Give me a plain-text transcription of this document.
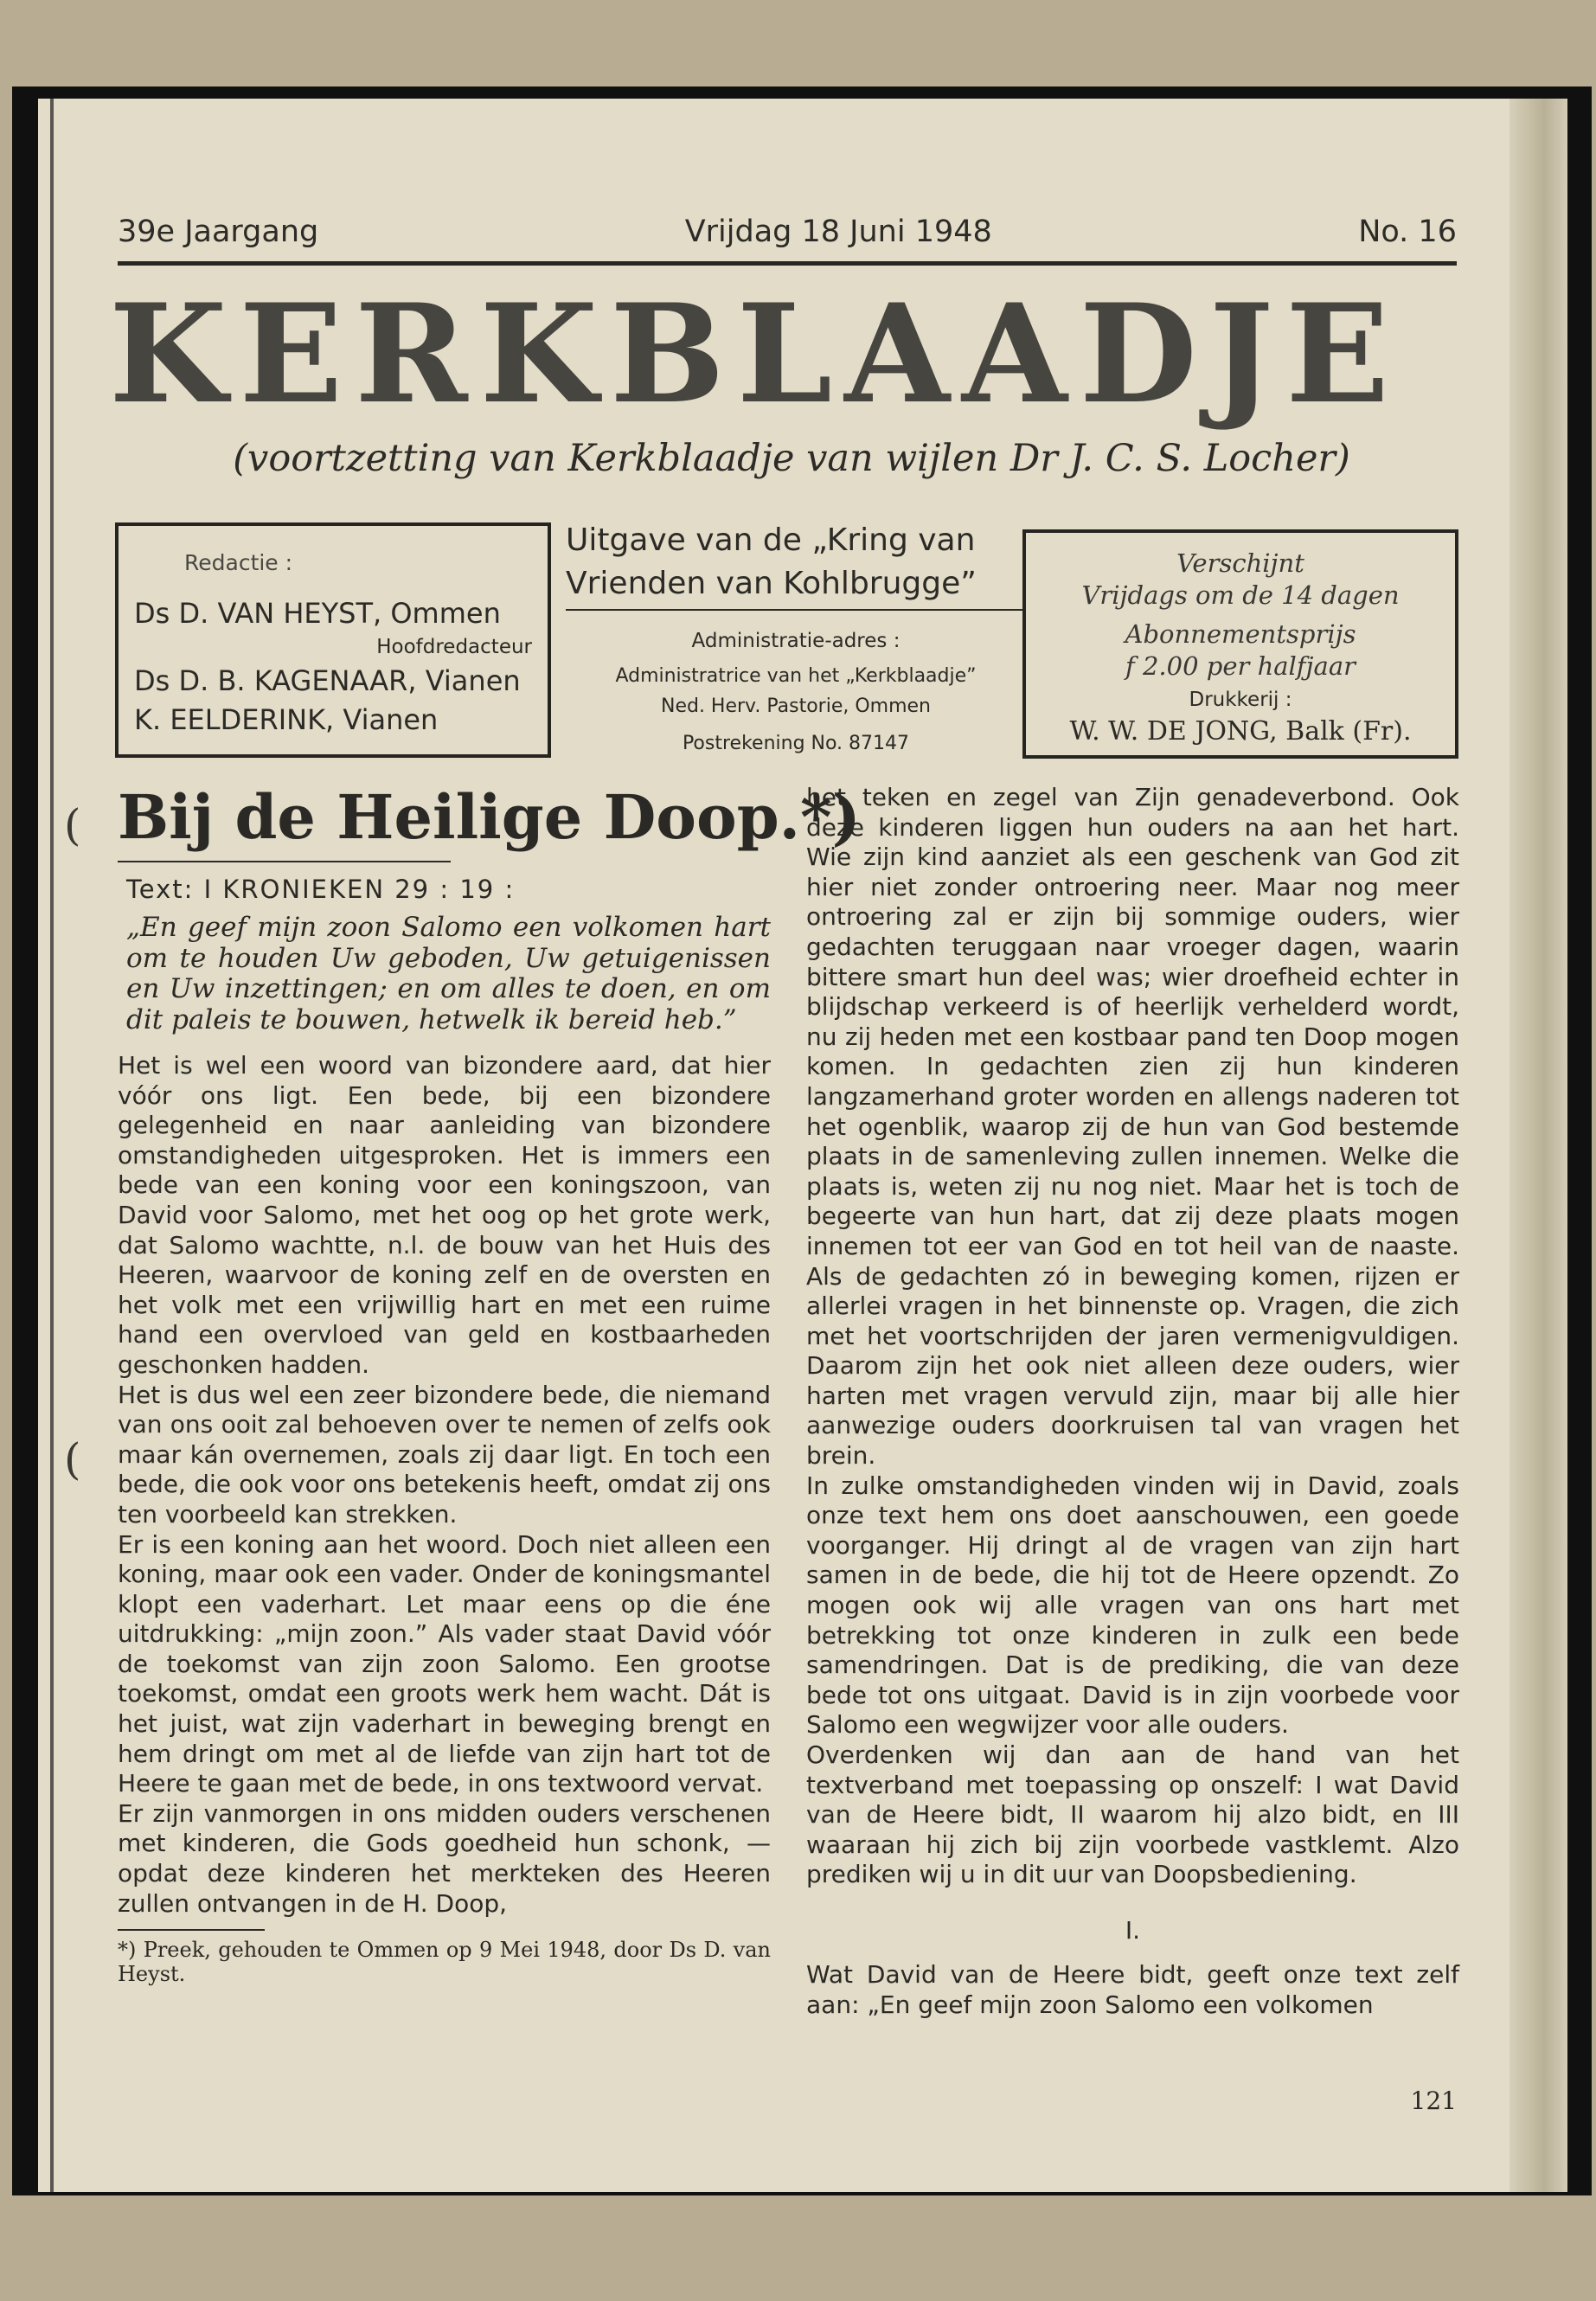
39e Jaargang	Vrijdag 18 Juni 1948	No. 16
KERKBLAADJE
(voortzetting van Kerkblaadje van wijlen Dr J. C. S. Locher)
Redactie :
Ds D. VAN HEYST, Ommen
Hoofdredacteur
Ds D. B. KAGENAAR, Vianen
K. EELDERINK, Vianen
Uitgave van de „Kring van
Vrienden van Kohlbrugge”
Administratie-adres :
Administratrice van het „Kerkblaadje”
Ned. Herv. Pastorie, Ommen
Postrekening No. 87147
Verschijnt
Vrijdags om de 14 dagen
Abonnementsprijs
f 2.00 per halfjaar
Drukkerij :
W. W. DE JONG, Balk (Fr).
Bij de Heilige Doop.*)
Text: I KRONIEKEN 29 : 19 :
„En geef mijn zoon Salomo een volkomen hart om te houden Uw geboden, Uw getuigenissen en Uw inzettingen; en om alles te doen, en om dit paleis te bouwen, hetwelk ik bereid heb.”

Het is wel een woord van bizondere aard, dat hier vóór ons ligt. Een bede, bij een bizondere gelegenheid en naar aanleiding van bizondere omstandigheden uitgesproken. Het is immers een bede van een koning voor een koningszoon, van David voor Salomo, met het oog op het grote werk, dat Salomo wachtte, n.l. de bouw van het Huis des Heeren, waarvoor de koning zelf en de oversten en het volk met een vrijwillig hart en met een ruime hand een overvloed van geld en kostbaarheden geschonken hadden.

Het is dus wel een zeer bizondere bede, die niemand van ons ooit zal behoeven over te nemen of zelfs ook maar kán overnemen, zoals zij daar ligt. En toch een bede, die ook voor ons betekenis heeft, omdat zij ons ten voorbeeld kan strekken.

Er is een koning aan het woord. Doch niet alleen een koning, maar ook een vader. Onder de koningsmantel klopt een vaderhart. Let maar eens op die éne uitdrukking: „mijn zoon.” Als vader staat David vóór de toekomst van zijn zoon Salomo. Een grootse toekomst, omdat een groots werk hem wacht. Dát is het juist, wat zijn vaderhart in beweging brengt en hem dringt om met al de liefde van zijn hart tot de Heere te gaan met de bede, in ons textwoord vervat.

Er zijn vanmorgen in ons midden ouders verschenen met kinderen, die Gods goedheid hun schonk, — opdat deze kinderen het merkteken des Heeren zullen ontvangen in de H. Doop,

*) Preek, gehouden te Ommen op 9 Mei 1948, door Ds D. van Heyst.

het teken en zegel van Zijn genadeverbond. Ook deze kinderen liggen hun ouders na aan het hart. Wie zijn kind aanziet als een geschenk van God zit hier niet zonder ontroering neer. Maar nog meer ontroering zal er zijn bij sommige ouders, wier gedachten teruggaan naar vroeger dagen, waarin bittere smart hun deel was; wier droefheid echter in blijdschap verkeerd is of heerlijk verhelderd wordt, nu zij heden met een kostbaar pand ten Doop mogen komen. In gedachten zien zij hun kinderen langzamerhand groter worden en allengs naderen tot het ogenblik, waarop zij de hun van God bestemde plaats in de samenleving zullen innemen. Welke die plaats is, weten zij nu nog niet. Maar het is toch de begeerte van hun hart, dat zij deze plaats mogen innemen tot eer van God en tot heil van de naaste. Als de gedachten zó in beweging komen, rijzen er allerlei vragen in het binnenste op. Vragen, die zich met het voortschrijden der jaren vermenigvuldigen. Daarom zijn het ook niet alleen deze ouders, wier harten met vragen vervuld zijn, maar bij alle hier aanwezige ouders doorkruisen tal van vragen het brein.

In zulke omstandigheden vinden wij in David, zoals onze text hem ons doet aanschouwen, een goede voorganger. Hij dringt al de vragen van zijn hart samen in de bede, die hij tot de Heere opzendt. Zo mogen ook wij alle vragen van ons hart met betrekking tot onze kinderen in zulk een bede samendringen. Dat is de prediking, die van deze bede tot ons uitgaat. David is in zijn voorbede voor Salomo een wegwijzer voor alle ouders.

Overdenken wij dan aan de hand van het textverband met toepassing op onszelf: I wat David van de Heere bidt, II waarom hij alzo bidt, en III waaraan hij zich bij zijn voorbede vastklemt. Alzo prediken wij u in dit uur van Doopsbediening.

I.

Wat David van de Heere bidt, geeft onze text zelf aan: „En geef mijn zoon Salomo een volkomen

121
(
(
